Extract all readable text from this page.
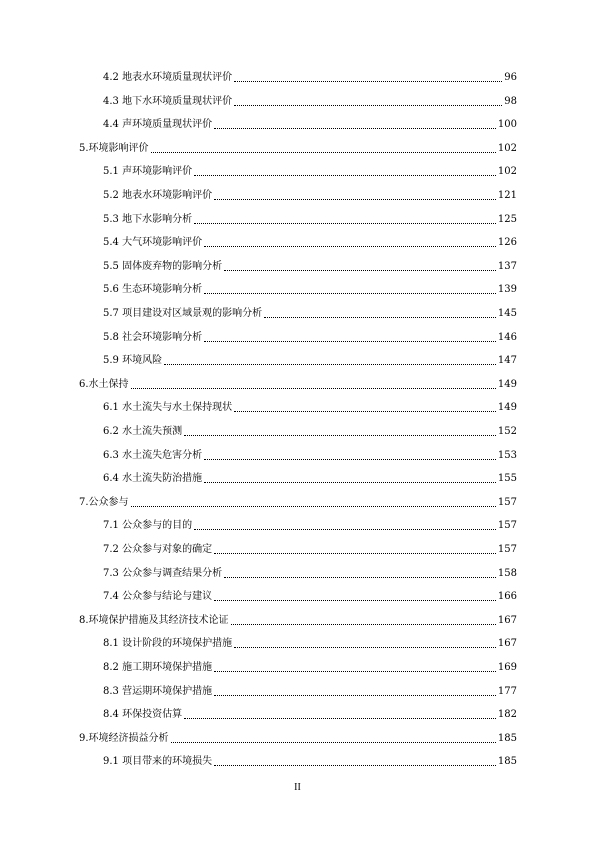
4.2 地表水环境质量现状评价	96
4.3 地下水环境质量现状评价	98
4.4 声环境质量现状评价	100
5.环境影响评价	102
5.1 声环境影响评价	102
5.2 地表水环境影响评价	121
5.3 地下水影响分析	125
5.4 大气环境影响评价	126
5.5 固体废弃物的影响分析	137
5.6 生态环境影响分析	139
5.7 项目建设对区域景观的影响分析	145
5.8 社会环境影响分析	146
5.9 环境风险	147
6.水土保持	149
6.1 水土流失与水土保持现状	149
6.2 水土流失预测	152
6.3 水土流失危害分析	153
6.4 水土流失防治措施	155
7.公众参与	157
7.1 公众参与的目的	157
7.2 公众参与对象的确定	157
7.3 公众参与调查结果分析	158
7.4 公众参与结论与建议	166
8.环境保护措施及其经济技术论证	167
8.1 设计阶段的环境保护措施	167
8.2 施工期环境保护措施	169
8.3 营运期环境保护措施	177
8.4 环保投资估算	182
9.环境经济损益分析	185
9.1 项目带来的环境损失	185
II
